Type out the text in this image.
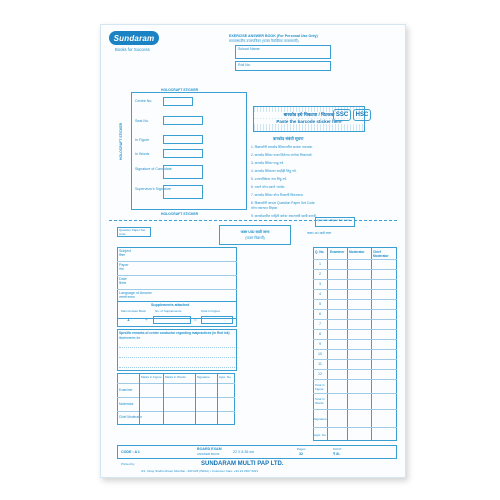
Sundaram
Books for Success
EXERCISE ANSWER BOOK (For Personal Use Only)
सरावासाठीच उत्तरपत्रिका (फक्त वैयक्तिक वापरासाठी)
School Name
Roll No.
HOLOCRAFT STICKER
HOLOCRAFT STICKER
HOLOCRAFT STICKER
Centre No.
Seat No.
In Figure
In Words
Signature of Candidate
Supervisor's Signature
बारकोड इथे चिकटवा / चिटकवा
Paste the barcode sticker here
SSC	HSC
बारकोड संबंधी सूचना
1. विद्यार्थ्यांनी बारकोड स्टिकरवरील क्रमांक तपासावा.
2. बारकोड स्टिकर फक्त दिलेल्या जागेवर चिकटवावे.
3. बारकोड स्टिकर फाडू नये.
4. बारकोड स्टिकरवर काहीही लिहू नये.
5. उत्तरपत्रिकेवर नाव लिहू नये.
6. रकाने योग्य प्रकारे भरावेत.
7. बारकोड स्टिकर योग्य ठिकाणी चिकटवावा.
8. विद्यार्थ्यांनी आपला Question Paper Set Code
योग्य रकान्यात लिहावा.
9. बारकोडवरील माहिती बरोबर असल्याची खात्री करावी.
Question Paper Set code
Question Paper Set code
फक्त UID साठी जागा
(फक्त विद्यार्थी)
फक्त UID साठी जागा
Subject
विषय
Paper
पेपर
Date
दिनांक
Language of Answer
उत्तराचे माध्यम
Supplements attached
Main Answer Book	No. of Supplements	Total In Figure
1	+	=
Specific remarks of centre conductor regarding malpractices (in Red ink)
केंद्रसंचालकांचा शेरा
Marks in Figure Marks in Words	Signature	Appt. No.
Examiner
Moderator
Chief Moderator
Q. No. Examiner Moderator	Chief Moderator
1
2
3
4
5
6
7
8
9
10
11
12
Total in Figure
Total in Words
Signature
Appt. No.
CODE : A 1
BOARD EXAM
ANSWER BOOK	22 X 8.36 cm
Pages
32
M.R.P.
₹ 8/-
Printed by	SUNDARAM MULTI PAP LTD.
4/1, Vinay Sindhu Road, Mumbai - 400 025 (INDIA) • Customer Care: +91 22 2367 6021
